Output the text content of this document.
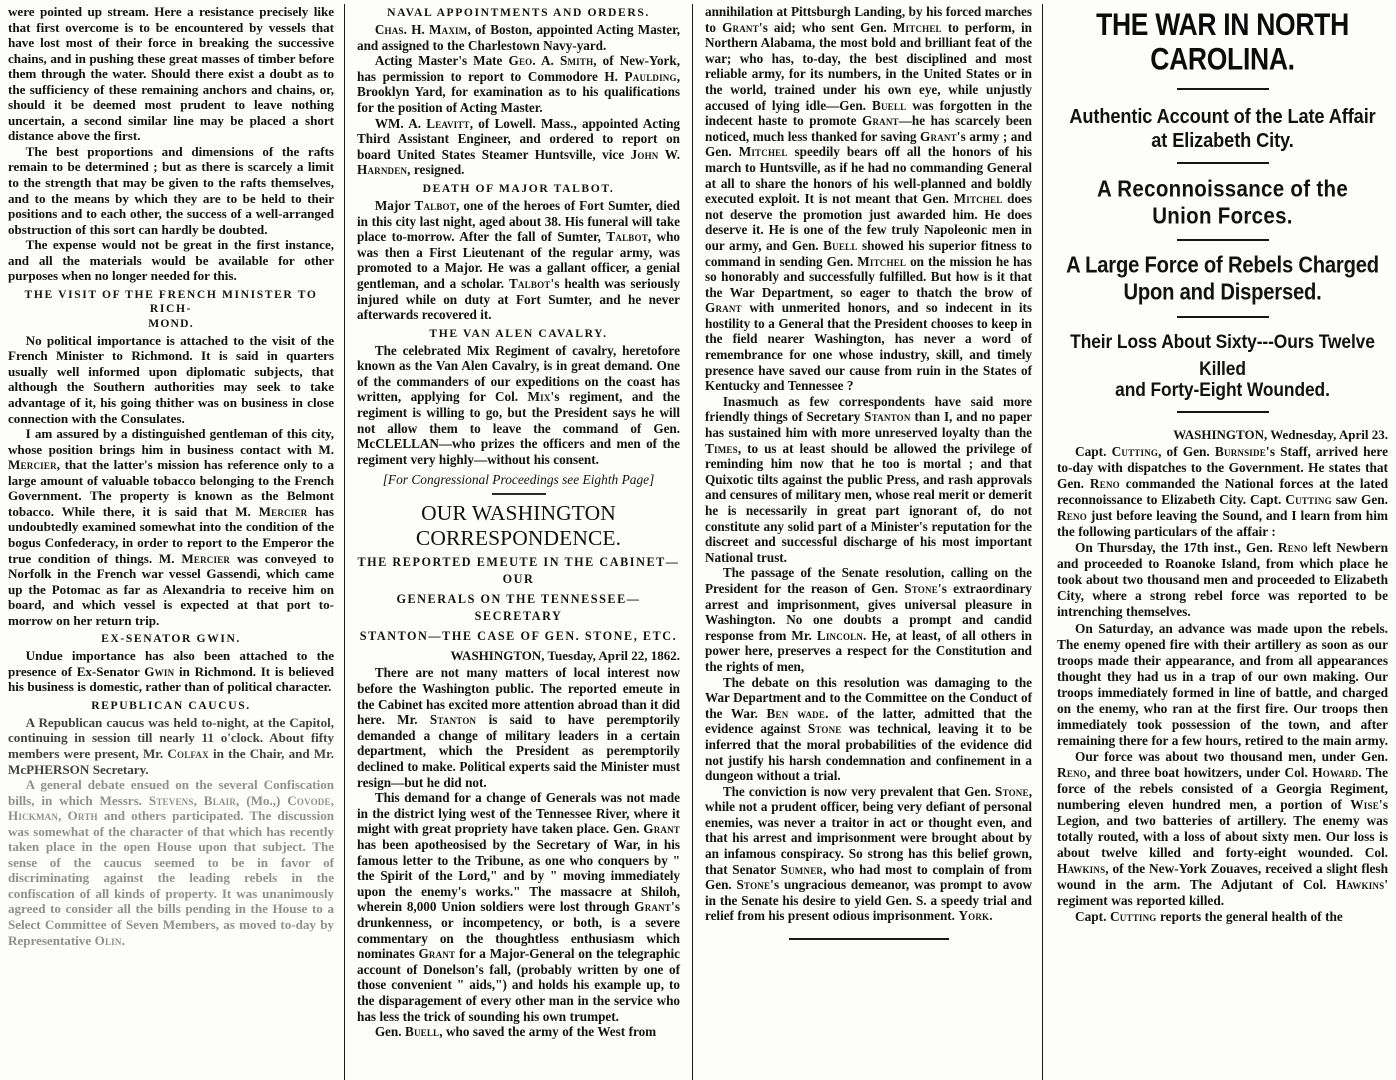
were pointed up stream. Here a resistance precisely like that first overcome is to be encountered by vessels that have lost most of their force in breaking the successive chains, and in pushing these great masses of timber before them through the water. Should there exist a doubt as to the sufficiency of these remaining anchors and chains, or, should it be deemed most prudent to leave nothing uncertain, a second similar line may be placed a short distance above the first.

The best proportions and dimensions of the rafts remain to be determined ; but as there is scarcely a limit to the strength that may be given to the rafts themselves, and to the means by which they are to be held to their positions and to each other, the success of a well-arranged obstruction of this sort can hardly be doubted.

The expense would not be great in the first instance, and all the materials would be available for other purposes when no longer needed for this.

THE VISIT OF THE FRENCH MINISTER TO RICH-
MOND.

No political importance is attached to the visit of the French Minister to Richmond. It is said in quarters usually well informed upon diplomatic subjects, that although the Southern authorities may seek to take advantage of it, his going thither was on business in close connection with the Consulates.

I am assured by a distinguished gentleman of this city, whose position brings him in business contact with M. Mercier, that the latter's mission has reference only to a large amount of valuable tobacco belonging to the French Government. The property is known as the Belmont tobacco. While there, it is said that M. Mercier has undoubtedly examined somewhat into the condition of the bogus Confederacy, in order to report to the Emperor the true condition of things. M. Mercier was conveyed to Norfolk in the French war vessel Gassendi, which came up the Potomac as far as Alexandria to receive him on board, and which vessel is expected at that port to-morrow on her return trip.

EX-SENATOR GWIN.

Undue importance has also been attached to the presence of Ex-Senator Gwin in Richmond. It is believed his business is domestic, rather than of political character.

REPUBLICAN CAUCUS.

A Republican caucus was held to-night, at the Capitol, continuing in session till nearly 11 o'clock. About fifty members were present, Mr. Colfax in the Chair, and Mr. McPHERSON Secretary.

A general debate ensued on the several Confiscation bills, in which Messrs. Stevens, Blair, (Mo.,) Covode, Hickman, Orth and others participated. The discussion was somewhat of the character of that which has recently taken place in the open House upon that subject. The sense of the caucus seemed to be in favor of discriminating against the leading rebels in the confiscation of all kinds of property. It was unanimously agreed to consider all the bills pending in the House to a Select Committee of Seven Members, as moved to-day by Representative Olin.

NAVAL APPOINTMENTS AND ORDERS.

Chas. H. Maxim, of Boston, appointed Acting Master, and assigned to the Charlestown Navy-yard.

Acting Master's Mate Geo. A. Smith, of New-York, has permission to report to Commodore H. Paulding, Brooklyn Yard, for examination as to his qualifications for the position of Acting Master.

WM. A. Leavitt, of Lowell. Mass., appointed Acting Third Assistant Engineer, and ordered to report on board United States Steamer Huntsville, vice John W. Harnden, resigned.

DEATH OF MAJOR TALBOT.

Major Talbot, one of the heroes of Fort Sumter, died in this city last night, aged about 38. His funeral will take place to-morrow. After the fall of Sumter, Talbot, who was then a First Lieutenant of the regular army, was promoted to a Major. He was a gallant officer, a genial gentleman, and a scholar. Talbot's health was seriously injured while on duty at Fort Sumter, and he never afterwards recovered it.

THE VAN ALEN CAVALRY.

The celebrated Mix Regiment of cavalry, heretofore known as the Van Alen Cavalry, is in great demand. One of the commanders of our expeditions on the coast has written, applying for Col. Mix's regiment, and the regiment is willing to go, but the President says he will not allow them to leave the command of Gen. McCLELLAN—who prizes the officers and men of the regiment very highly—without his consent.

[For Congressional Proceedings see Eighth Page]
OUR WASHINGTON CORRESPONDENCE.
THE REPORTED EMEUTE IN THE CABINET—OUR
GENERALS ON THE TENNESSEE—SECRETARY
STANTON—THE CASE OF GEN. STONE, ETC.
WASHINGTON, Tuesday, April 22, 1862.

There are not many matters of local interest now before the Washington public. The reported emeute in the Cabinet has excited more attention abroad than it did here. Mr. Stanton is said to have peremptorily demanded a change of military leaders in a certain department, which the President as peremptorily declined to make. Political experts said the Minister must resign—but he did not.

This demand for a change of Generals was not made in the district lying west of the Tennessee River, where it might with great propriety have taken place. Gen. Grant has been apotheosised by the Secretary of War, in his famous letter to the Tribune, as one who conquers by " the Spirit of the Lord," and by " moving immediately upon the enemy's works." The massacre at Shiloh, wherein 8,000 Union soldiers were lost through Grant's drunkenness, or incompetency, or both, is a severe commentary on the thoughtless enthusiasm which nominates Grant for a Major-General on the telegraphic account of Donelson's fall, (probably written by one of those convenient " aids,") and holds his example up, to the disparagement of every other man in the service who has less the trick of sounding his own trumpet.

Gen. Buell, who saved the army of the West from

annihilation at Pittsburgh Landing, by his forced marches to Grant's aid; who sent Gen. Mitchel to perform, in Northern Alabama, the most bold and brilliant feat of the war; who has, to-day, the best disciplined and most reliable army, for its numbers, in the United States or in the world, trained under his own eye, while unjustly accused of lying idle—Gen. Buell was forgotten in the indecent haste to promote Grant—he has scarcely been noticed, much less thanked for saving Grant's army ; and Gen. Mitchel speedily bears off all the honors of his march to Huntsville, as if he had no commanding General at all to share the honors of his well-planned and boldly executed exploit. It is not meant that Gen. Mitchel does not deserve the promotion just awarded him. He does deserve it. He is one of the few truly Napoleonic men in our army, and Gen. Buell showed his superior fitness to command in sending Gen. Mitchel on the mission he has so honorably and successfully fulfilled. But how is it that the War Department, so eager to thatch the brow of Grant with unmerited honors, and so indecent in its hostility to a General that the President chooses to keep in the field nearer Washington, has never a word of remembrance for one whose industry, skill, and timely presence have saved our cause from ruin in the States of Kentucky and Tennessee ?

Inasmuch as few correspondents have said more friendly things of Secretary Stanton than I, and no paper has sustained him with more unreserved loyalty than the Times, to us at least should be allowed the privilege of reminding him now that he too is mortal ; and that Quixotic tilts against the public Press, and rash approvals and censures of military men, whose real merit or demerit he is necessarily in great part ignorant of, do not constitute any solid part of a Minister's reputation for the discreet and successful discharge of his most important National trust.

The passage of the Senate resolution, calling on the President for the reason of Gen. Stone's extraordinary arrest and imprisonment, gives universal pleasure in Washington. No one doubts a prompt and candid response from Mr. Lincoln. He, at least, of all others in power here, preserves a respect for the Constitution and the rights of men,

The debate on this resolution was damaging to the War Department and to the Committee on the Conduct of the War. Ben wade. of the latter, admitted that the evidence against Stone was technical, leaving it to be inferred that the moral probabilities of the evidence did not justify his harsh condemnation and confinement in a dungeon without a trial.

The conviction is now very prevalent that Gen. Stone, while not a prudent officer, being very defiant of personal enemies, was never a traitor in act or thought even, and that his arrest and imprisonment were brought about by an infamous conspiracy. So strong has this belief grown, that Senator Sumner, who had most to complain of from Gen. Stone's ungracious demeanor, was prompt to avow in the Senate his desire to yield Gen. S. a speedy trial and relief from his present odious imprisonment. York.

THE WAR IN NORTH CAROLINA.
Authentic Account of the Late Affair
at Elizabeth City.
A Reconnoissance of the
Union Forces.
A Large Force of Rebels Charged
Upon and Dispersed.
Their Loss About Sixty---Ours Twelve Killed
and Forty-Eight Wounded.
WASHINGTON, Wednesday, April 23.

Capt. Cutting, of Gen. Burnside's Staff, arrived here to-day with dispatches to the Government. He states that Gen. Reno commanded the National forces at the lated reconnoissance to Elizabeth City. Capt. Cutting saw Gen. Reno just before leaving the Sound, and I learn from him the following particulars of the affair :

On Thursday, the 17th inst., Gen. Reno left Newbern and proceeded to Roanoke Island, from which place he took about two thousand men and proceeded to Elizabeth City, where a strong rebel force was reported to be intrenching themselves.

On Saturday, an advance was made upon the rebels. The enemy opened fire with their artillery as soon as our troops made their appearance, and from all appearances thought they had us in a trap of our own making. Our troops immediately formed in line of battle, and charged on the enemy, who ran at the first fire. Our troops then immediately took possession of the town, and after remaining there for a few hours, retired to the main army.

Our force was about two thousand men, under Gen. Reno, and three boat howitzers, under Col. Howard. The force of the rebels consisted of a Georgia Regiment, numbering eleven hundred men, a portion of Wise's Legion, and two batteries of artillery. The enemy was totally routed, with a loss of about sixty men. Our loss is about twelve killed and forty-eight wounded. Col. Hawkins, of the New-York Zouaves, received a slight flesh wound in the arm. The Adjutant of Col. Hawkins' regiment was reported killed.

Capt. Cutting reports the general health of the
